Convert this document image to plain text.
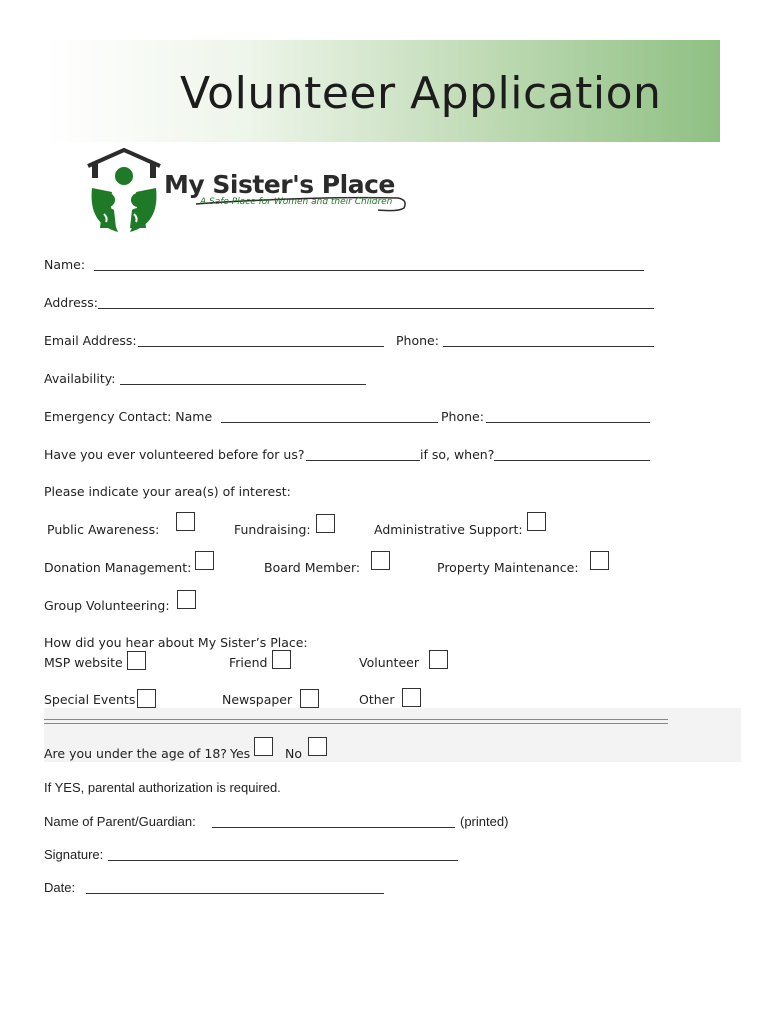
Volunteer Application
My Sister's Place
A Safe Place for Women and their Children
Name:
Address:
Email Address:	Phone:
Availability:
Emergency Contact: Name	Phone:
Have you ever volunteered before for us?	if so, when?
Please indicate your area(s) of interest:
Public Awareness:	Fundraising:	Administrative Support:
Donation Management:	Board Member:	Property Maintenance:
Group Volunteering:
How did you hear about My Sister’s Place:
MSP website	Friend	Volunteer
Special Events	Newspaper	Other
Are you under the age of 18? Yes	No
If YES, parental authorization is required.
Name of Parent/Guardian:	(printed)
Signature:
Date:
